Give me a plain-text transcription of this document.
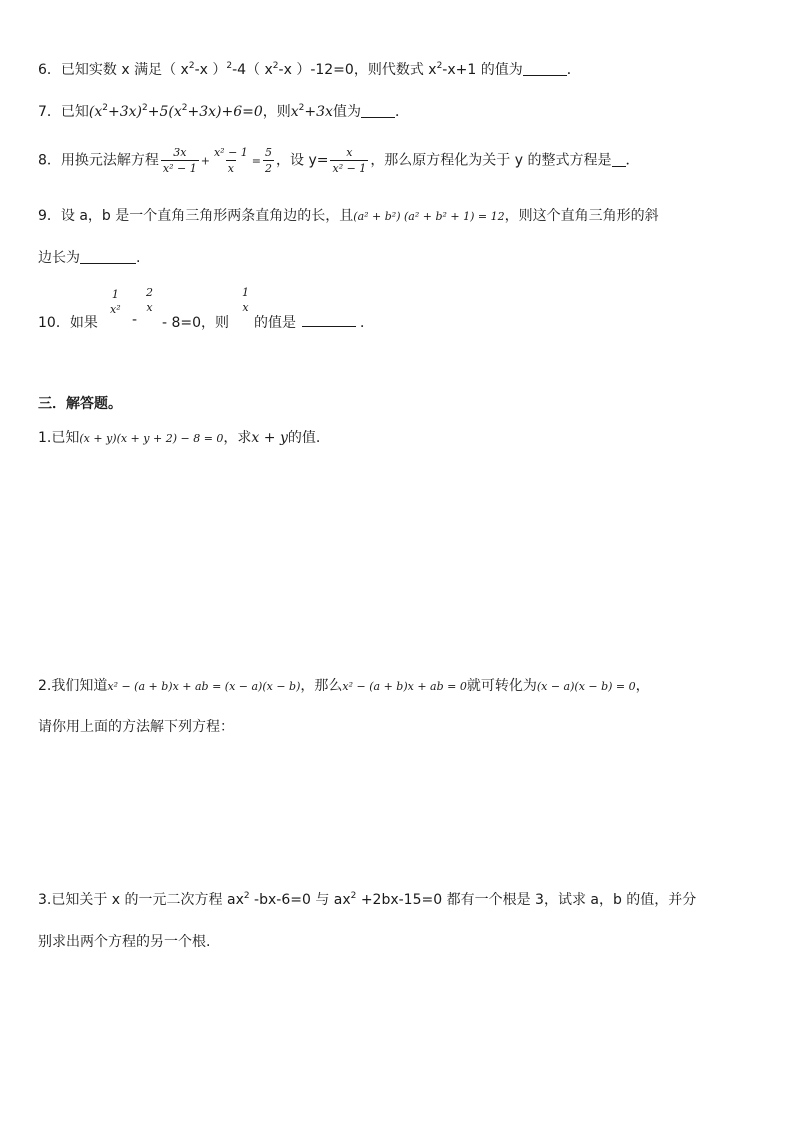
6．已知实数 x 满足（ $x^2-x$ ）$^2$-4（ $x^2-x$ ）-12=0，则代数式 $x^2-x+1$ 的值为	．
7．已知$(x^2+3x)^2+5(x^2+3x)+6=0$，则$x^2+3x$值为 ．
8．用换元法解方程 $\frac{3x}{\text{x² − 1}} + \frac{\text{x² − 1}}{x} = \frac{5}{2}$ ，设 $y= \frac{x}{\text{x² − 1}}$ ，那么原方程化为关于 y 的整式方程是 ．
9．设 a，b 是一个直角三角形两条直角边的长，且(a² + b²) (a² + b² + 1) = 12，则这个直角三角形的斜
边长为	.
10．如果
1
x²
-
2
x
- 8=0，则
1
x
的值是	．
三．解答题。
1.已知(x + y)(x + y + 2) − 8 = 0，求x + y的值.
2.我们知道x² − (a + b)x + ab = (x − a)(x − b)，那么x² − (a + b)x + ab = 0就可转化为(x − a)(x − b) = 0，
请你用上面的方法解下列方程：
3.已知关于 x 的一元二次方程 $ax^2$ -bx-6=0 与 $ax^2 +2bx-15=0$ 都有一个根是 3，试求 a，b 的值，并分
别求出两个方程的另一个根.
